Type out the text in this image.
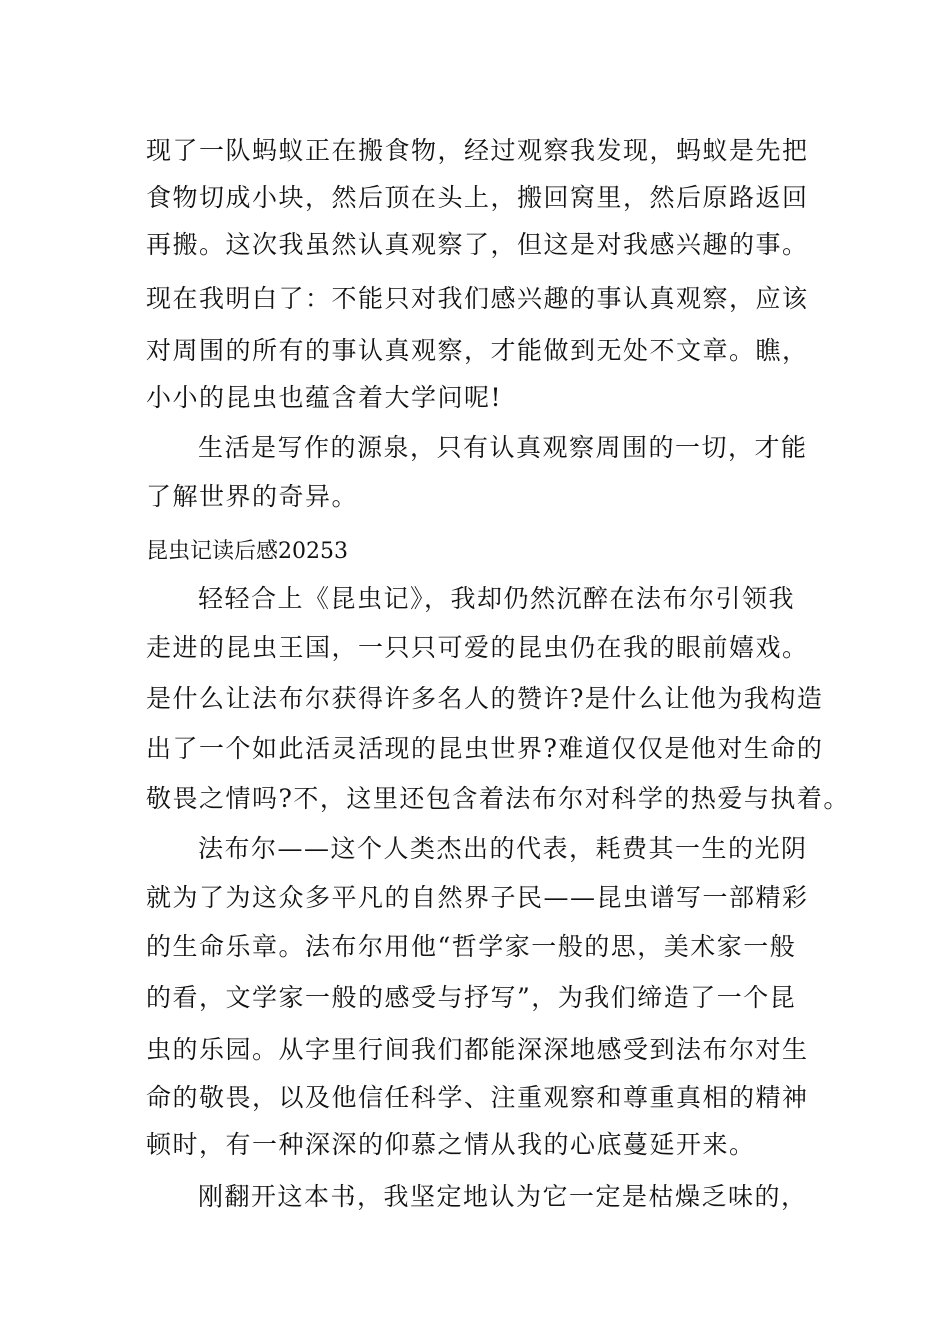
现了一队蚂蚁正在搬食物，经过观察我发现，蚂蚁是先把
食物切成小块，然后顶在头上，搬回窝里，然后原路返回
再搬。这次我虽然认真观察了，但这是对我感兴趣的事。
现在我明白了：不能只对我们感兴趣的事认真观察，应该
对周围的所有的事认真观察，才能做到无处不文章。瞧，
小小的昆虫也蕴含着大学问呢!
生活是写作的源泉，只有认真观察周围的一切，才能
了解世界的奇异。
昆虫记读后感20253
轻轻合上《昆虫记》，我却仍然沉醉在法布尔引领我
走进的昆虫王国，一只只可爱的昆虫仍在我的眼前嬉戏。
是什么让法布尔获得许多名人的赞许?是什么让他为我构造
出了一个如此活灵活现的昆虫世界?难道仅仅是他对生命的
敬畏之情吗?不，这里还包含着法布尔对科学的热爱与执着。
法布尔——这个人类杰出的代表，耗费其一生的光阴
就为了为这众多平凡的自然界子民——昆虫谱写一部精彩
的生命乐章。法布尔用他“哲学家一般的思，美术家一般
的看，文学家一般的感受与抒写”，为我们缔造了一个昆
虫的乐园。从字里行间我们都能深深地感受到法布尔对生
命的敬畏，以及他信任科学、注重观察和尊重真相的精神
顿时，有一种深深的仰慕之情从我的心底蔓延开来。
刚翻开这本书，我坚定地认为它一定是枯燥乏味的，
